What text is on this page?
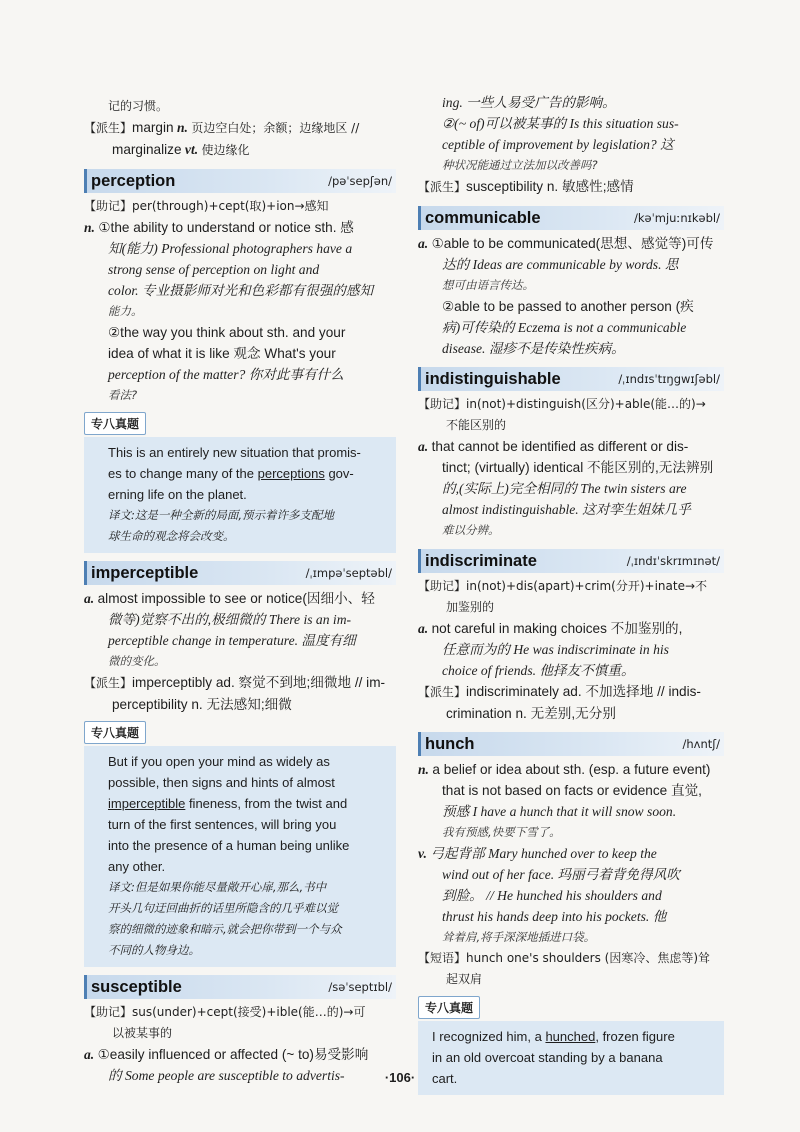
记的习惯。
【派生】margin n. 页边空白处；余额；边缘地区 //
marginalize vt. 使边缘化
perception	/pəˈsepʃən/
【助记】per(through)+cept(取)+ion→感知
n. ①the ability to understand or notice sth. 感
知(能力) Professional photographers have a
strong sense of perception on light and
color. 专业摄影师对光和色彩都有很强的感知
能力。
②the way you think about sth. and your
idea of what it is like 观念 What's your
perception of the matter? 你对此事有什么
看法?
专八真题
This is an entirely new situation that promis-
es to change many of the perceptions gov-
erning life on the planet.
译文:这是一种全新的局面,预示着许多支配地
球生命的观念将会改变。
imperceptible	/ˌɪmpəˈseptəbl/
a. almost impossible to see or notice(因细小、轻
微等)觉察不出的,极细微的 There is an im-
perceptible change in temperature. 温度有细
微的变化。
【派生】imperceptibly ad. 察觉不到地;细微地 // im-
perceptibility n. 无法感知;细微
专八真题
But if you open your mind as widely as
possible, then signs and hints of almost
imperceptible fineness, from the twist and
turn of the first sentences, will bring you
into the presence of a human being unlike
any other.
译文:但是如果你能尽量敞开心扉,那么,书中
开头几句迂回曲折的话里所隐含的几乎难以觉
察的细微的迹象和暗示,就会把你带到一个与众
不同的人物身边。
susceptible	/səˈseptɪbl/
【助记】sus(under)+cept(接受)+ible(能…的)→可
以被某事的
a. ①easily influenced or affected (~ to)易受影响
的 Some people are susceptible to advertis-
ing. 一些人易受广告的影响。
②(~ of)可以被某事的 Is this situation sus-
ceptible of improvement by legislation? 这
种状况能通过立法加以改善吗?
【派生】susceptibility n. 敏感性;感情
communicable	/kəˈmjuːnɪkəbl/
a. ①able to be communicated(思想、感觉等)可传
达的 Ideas are communicable by words. 思
想可由语言传达。
②able to be passed to another person (疾
病)可传染的 Eczema is not a communicable
disease. 湿疹不是传染性疾病。
indistinguishable	/ˌɪndɪsˈtɪŋgwɪʃəbl/
【助记】in(not)+distinguish(区分)+able(能…的)→
不能区别的
a. that cannot be identified as different or dis-
tinct; (virtually) identical 不能区别的,无法辨别
的,(实际上)完全相同的 The twin sisters are
almost indistinguishable. 这对孪生姐妹几乎
难以分辨。
indiscriminate	/ˌɪndɪˈskrɪmɪnət/
【助记】in(not)+dis(apart)+crim(分开)+inate→不
加鉴别的
a. not careful in making choices 不加鉴别的,
任意而为的 He was indiscriminate in his
choice of friends. 他择友不慎重。
【派生】indiscriminately ad. 不加选择地 // indis-
crimination n. 无差别,无分别
hunch	/hʌntʃ/
n. a belief or idea about sth. (esp. a future event)
that is not based on facts or evidence 直觉,
预感 I have a hunch that it will snow soon.
我有预感,快要下雪了。
v. 弓起背部 Mary hunched over to keep the
wind out of her face. 玛丽弓着背免得风吹
到脸。 // He hunched his shoulders and
thrust his hands deep into his pockets. 他
耸着肩,将手深深地插进口袋。
【短语】hunch one's shoulders (因寒冷、焦虑等)耸
起双肩
专八真题
I recognized him, a hunched, frozen figure
in an old overcoat standing by a banana
cart.
·106·
